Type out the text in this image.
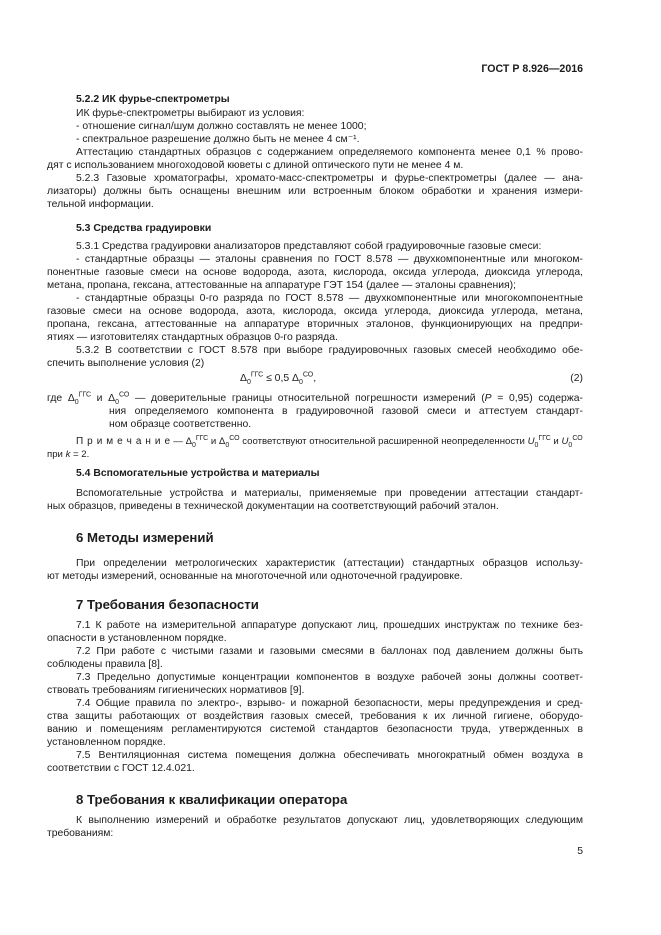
ГОСТ Р 8.926—2016
5.2.2 ИК фурье-спектрометры
ИК фурье-спектрометры выбирают из условия:
- отношение сигнал/шум должно составлять не менее 1000;
- спектральное разрешение должно быть не менее 4 см⁻¹.
Аттестацию стандартных образцов с содержанием определяемого компонента менее 0,1 % прово-
дят с использованием многоходовой кюветы с длиной оптического пути не менее 4 м.
5.2.3 Газовые хроматографы, хромато-масс-спектрометры и фурье-спектрометры (далее — ана-
лизаторы) должны быть оснащены внешним или встроенным блоком обработки и хранения измери-
тельной информации.
5.3 Средства градуировки
5.3.1 Средства градуировки анализаторов представляют собой градуировочные газовые смеси:
- стандартные образцы — эталоны сравнения по ГОСТ 8.578 — двухкомпонентные или многоком-
понентные газовые смеси на основе водорода, азота, кислорода, оксида углерода, диоксида углерода,
метана, пропана, гексана, аттестованные на аппаратуре ГЭТ 154 (далее — эталоны сравнения);
- стандартные образцы 0-го разряда по ГОСТ 8.578 — двухкомпонентные или многокомпонентные
газовые смеси на основе водорода, азота, кислорода, оксида углерода, диоксида углерода, метана,
пропана, гексана, аттестованные на аппаратуре вторичных эталонов, функционирующих на предпри-
ятиях — изготовителях стандартных образцов 0-го разряда.
5.3.2 В соответствии с ГОСТ 8.578 при выборе градуировочных газовых смесей необходимо обе-
спечить выполнение условия (2)
$\Delta_0^{ГГС} \le 0,5$ $\Delta_0^{СО}$,	(2)
где $\Delta_0^{ГГС}$ и $\Delta_0^{СО}$ — доверительные границы относительной погрешности измерений (P = 0,95) содержа-
ния определяемого компонента в градуировочной газовой смеси и аттестуем стандарт-
ном образце соответственно.
П р и м е ч а н и е — $\Delta_0^{ГГС}$ и $\Delta_0^{СО}$ соответствуют относительной расширенной неопределенности $U_0^{ГГС}$ и $U_0^{СО}$
при k = 2.
5.4 Вспомогательные устройства и материалы
Вспомогательные устройства и материалы, применяемые при проведении аттестации стандарт-
ных образцов, приведены в технической документации на соответствующий рабочий эталон.
6 Методы измерений
При определении метрологических характеристик (аттестации) стандартных образцов использу-
ют методы измерений, основанные на многоточечной или одноточечной градуировке.
7 Требования безопасности
7.1 К работе на измерительной аппаратуре допускают лиц, прошедших инструктаж по технике без-
опасности в установленном порядке.
7.2 При работе с чистыми газами и газовыми смесями в баллонах под давлением должны быть
соблюдены правила [8].
7.3 Предельно допустимые концентрации компонентов в воздухе рабочей зоны должны соответ-
ствовать требованиям гигиенических нормативов [9].
7.4 Общие правила по электро-, взрыво- и пожарной безопасности, меры предупреждения и сред-
ства защиты работающих от воздействия газовых смесей, требования к их личной гигиене, оборудо-
ванию и помещениям регламентируются системой стандартов безопасности труда, утвержденных в
установленном порядке.
7.5 Вентиляционная система помещения должна обеспечивать многократный обмен воздуха в
соответствии с ГОСТ 12.4.021.
8 Требования к квалификации оператора
К выполнению измерений и обработке результатов допускают лиц, удовлетворяющих следующим
требованиям:
5
